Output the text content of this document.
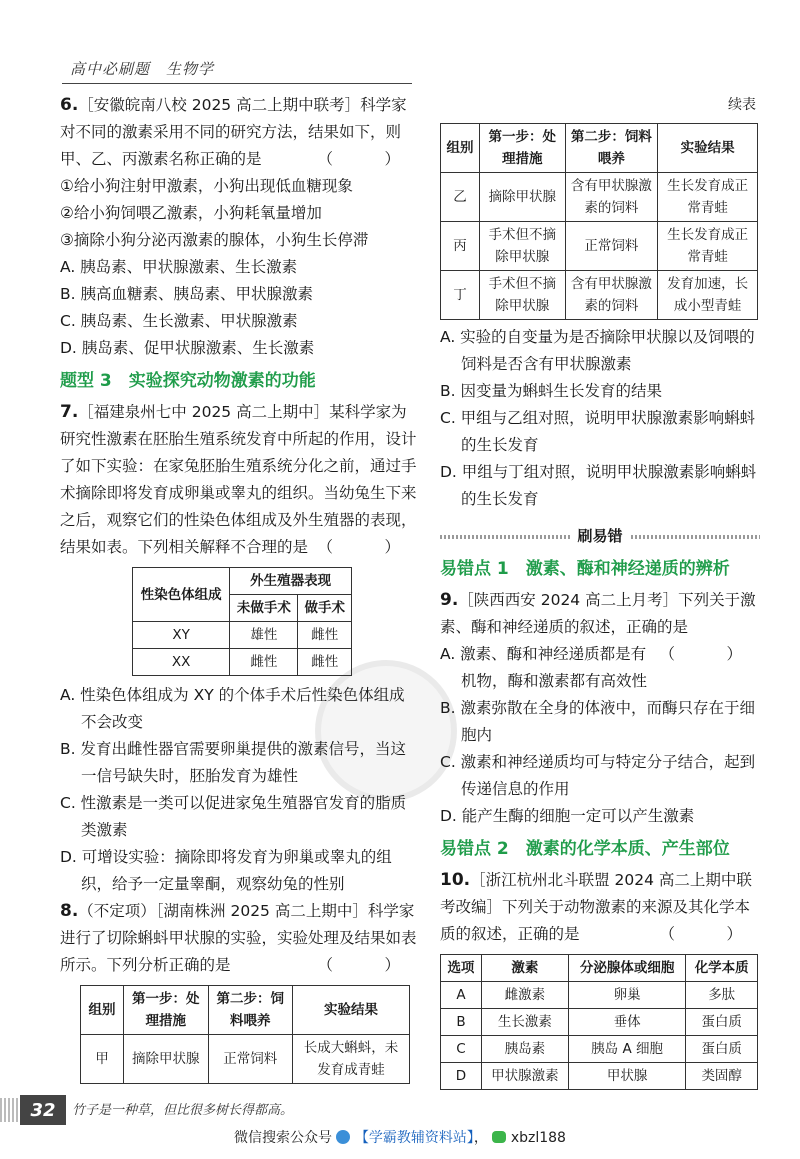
高中必刷题　生物学
6.［安徽皖南八校 2025 高二上期中联考］科学家对不同的激素采用不同的研究方法，结果如下，则甲、乙、丙激素名称正确的是	（　）

①给小狗注射甲激素，小狗出现低血糖现象

②给小狗饲喂乙激素，小狗耗氧量增加

③摘除小狗分泌丙激素的腺体，小狗生长停滞

A. 胰岛素、甲状腺激素、生长激素

B. 胰高血糖素、胰岛素、甲状腺激素

C. 胰岛素、生长激素、甲状腺激素

D. 胰岛素、促甲状腺激素、生长激素

题型 3　实验探究动物激素的功能
7.［福建泉州七中 2025 高二上期中］某科学家为研究性激素在胚胎生殖系统发育中所起的作用，设计了如下实验：在家兔胚胎生殖系统分化之前，通过手术摘除即将发育成卵巢或睾丸的组织。当幼兔生下来之后，观察它们的性染色体组成及外生殖器的表现，结果如表。下列相关解释不合理的是 （　）
性染色体组成	外生殖器表现	
	未做手术	做手术
XY	雄性	雌性
XX	雌性	雌性

A. 性染色体组成为 XY 的个体手术后性染色体组成不会改变

B. 发育出雌性器官需要卵巢提供的激素信号，当这一信号缺失时，胚胎发育为雄性

C. 性激素是一类可以促进家兔生殖器官发育的脂质类激素

D. 可增设实验：摘除即将发育为卵巢或睾丸的组织，给予一定量睾酮，观察幼兔的性别

8.（不定项）［湖南株洲 2025 高二上期中］科学家进行了切除蝌蚪甲状腺的实验，实验处理及结果如表所示。下列分析正确的是	（　）
组别	第一步：处理措施	第二步：饲料喂养	实验结果
甲	摘除甲状腺	正常饲料	长成大蝌蚪，未发育成青蛙
续表
组别	第一步：处理措施	第二步：饲料喂养	实验结果
乙	摘除甲状腺	含有甲状腺激素的饲料	生长发育成正常青蛙
丙	手术但不摘除甲状腺	正常饲料	生长发育成正常青蛙
丁	手术但不摘除甲状腺	含有甲状腺激素的饲料	发育加速，长成小型青蛙

A. 实验的自变量为是否摘除甲状腺以及饲喂的饲料是否含有甲状腺激素

B. 因变量为蝌蚪生长发育的结果

C. 甲组与乙组对照，说明甲状腺激素影响蝌蚪的生长发育

D. 甲组与丁组对照，说明甲状腺激素影响蝌蚪的生长发育

刷易错
易错点 1　激素、酶和神经递质的辨析
9.［陕西西安 2024 高二上月考］下列关于激素、酶和神经递质的叙述，正确的是
（　）

A. 激素、酶和神经递质都是有机物，酶和激素都有高效性

B. 激素弥散在全身的体液中，而酶只存在于细胞内

C. 激素和神经递质均可与特定分子结合，起到传递信息的作用

D. 能产生酶的细胞一定可以产生激素

易错点 2　激素的化学本质、产生部位
10.［浙江杭州北斗联盟 2024 高二上期中联考改编］下列关于动物激素的来源及其化学本质的叙述，正确的是	（　）
选项	激素	分泌腺体或细胞	化学本质
A	雌激素	卵巢	多肽
B	生长激素	垂体	蛋白质
C	胰岛素	胰岛 A 细胞	蛋白质
D	甲状腺激素	甲状腺	类固醇
32	竹子是一种草，但比很多树长得都高。
微信搜索公众号 【学霸教辅资料站】， xbzl188
